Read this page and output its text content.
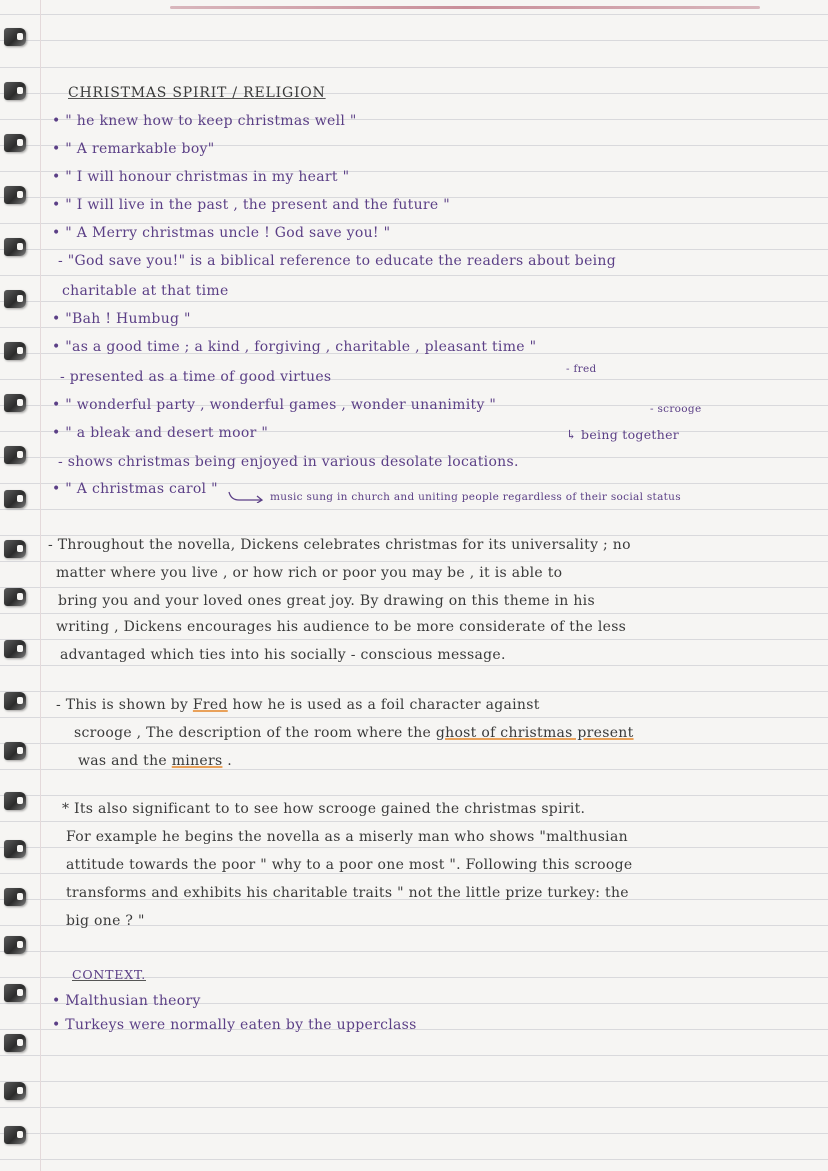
CHRISTMAS SPIRIT / RELIGION

• " he knew how to keep christmas well "

• " A remarkable boy"

• " I will honour christmas in my heart "

• " I will live in the past , the present and the future "

• " A Merry christmas uncle ! God save you! "

- "God save you!" is a biblical reference to educate the readers about being

charitable at that time

• "Bah ! Humbug "

• "as a good time ; a kind , forgiving , charitable , pleasant time "

- fred

- presented as a time of good virtues

• " wonderful party , wonderful games , wonder unanimity "	- scrooge

• " a bleak and desert moor "	↳ being together

- shows christmas being enjoyed in various desolate locations.

• " A christmas carol "	music sung in church and uniting people regardless of their social status

- Throughout the novella, Dickens celebrates christmas for its universality ; no

matter where you live , or how rich or poor you may be , it is able to

bring you and your loved ones great joy. By drawing on this theme in his

writing , Dickens encourages his audience to be more considerate of the less

advantaged which ties into his socially - conscious message.

- This is shown by Fred how he is used as a foil character against

scrooge , The description of the room where the ghost of christmas present

was and the miners .

* Its also significant to to see how scrooge gained the christmas spirit.

For example he begins the novella as a miserly man who shows "malthusian

attitude towards the poor " why to a poor one most ". Following this scrooge

transforms and exhibits his charitable traits " not the little prize turkey: the

big one ? "

CONTEXT.

• Malthusian theory

• Turkeys were normally eaten by the upperclass
